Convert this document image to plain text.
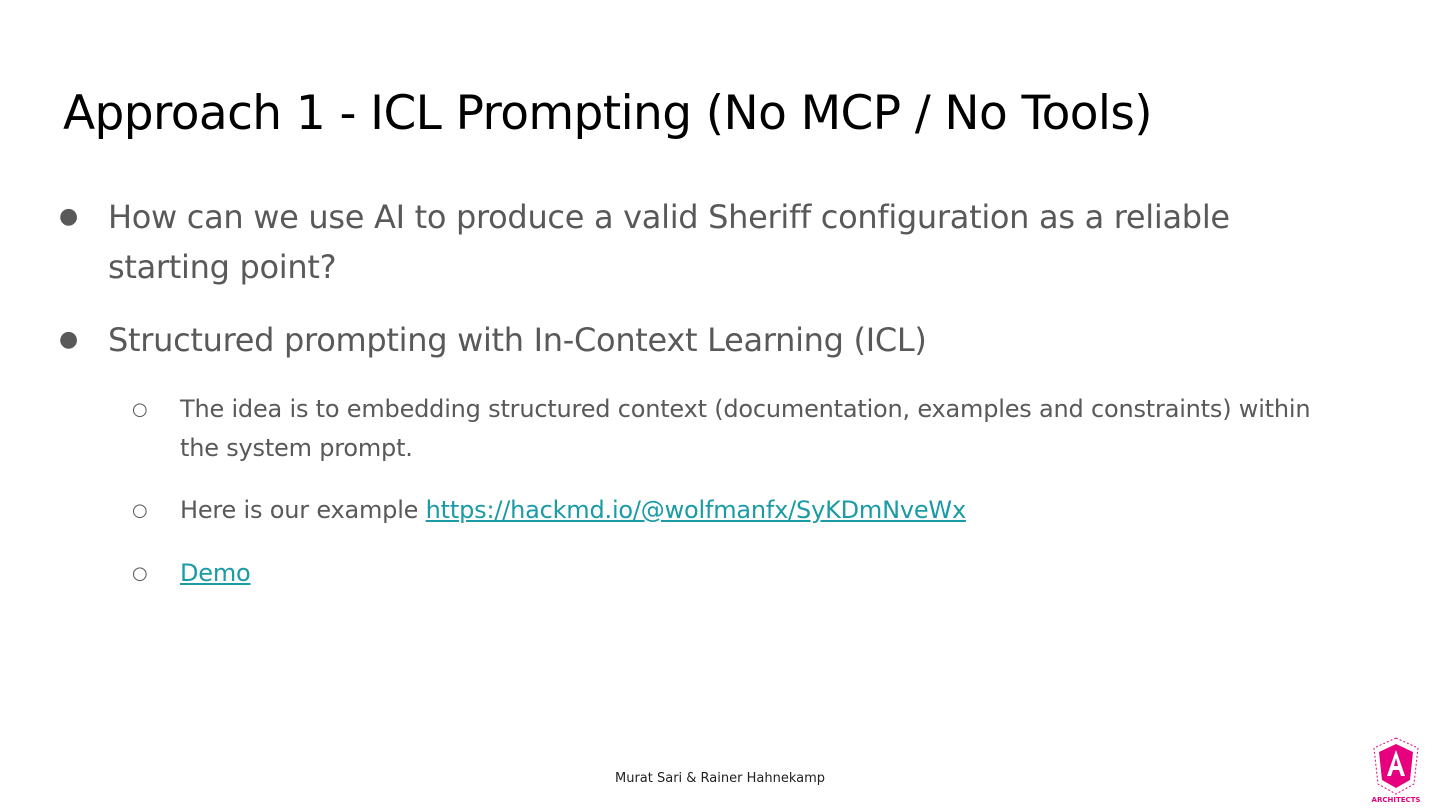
Approach 1 - ICL Prompting (No MCP / No Tools)
● How can we use AI to produce a valid Sheriff configuration as a reliable starting point?
● Structured prompting with In-Context Learning (ICL)
○ The idea is to embedding structured context (documentation, examples and constraints) within the system prompt.
○ Here is our example https://hackmd.io/@wolfmanfx/SyKDmNveWx
○ Demo
Murat Sari & Rainer Hahnekamp
ARCHITECTS
